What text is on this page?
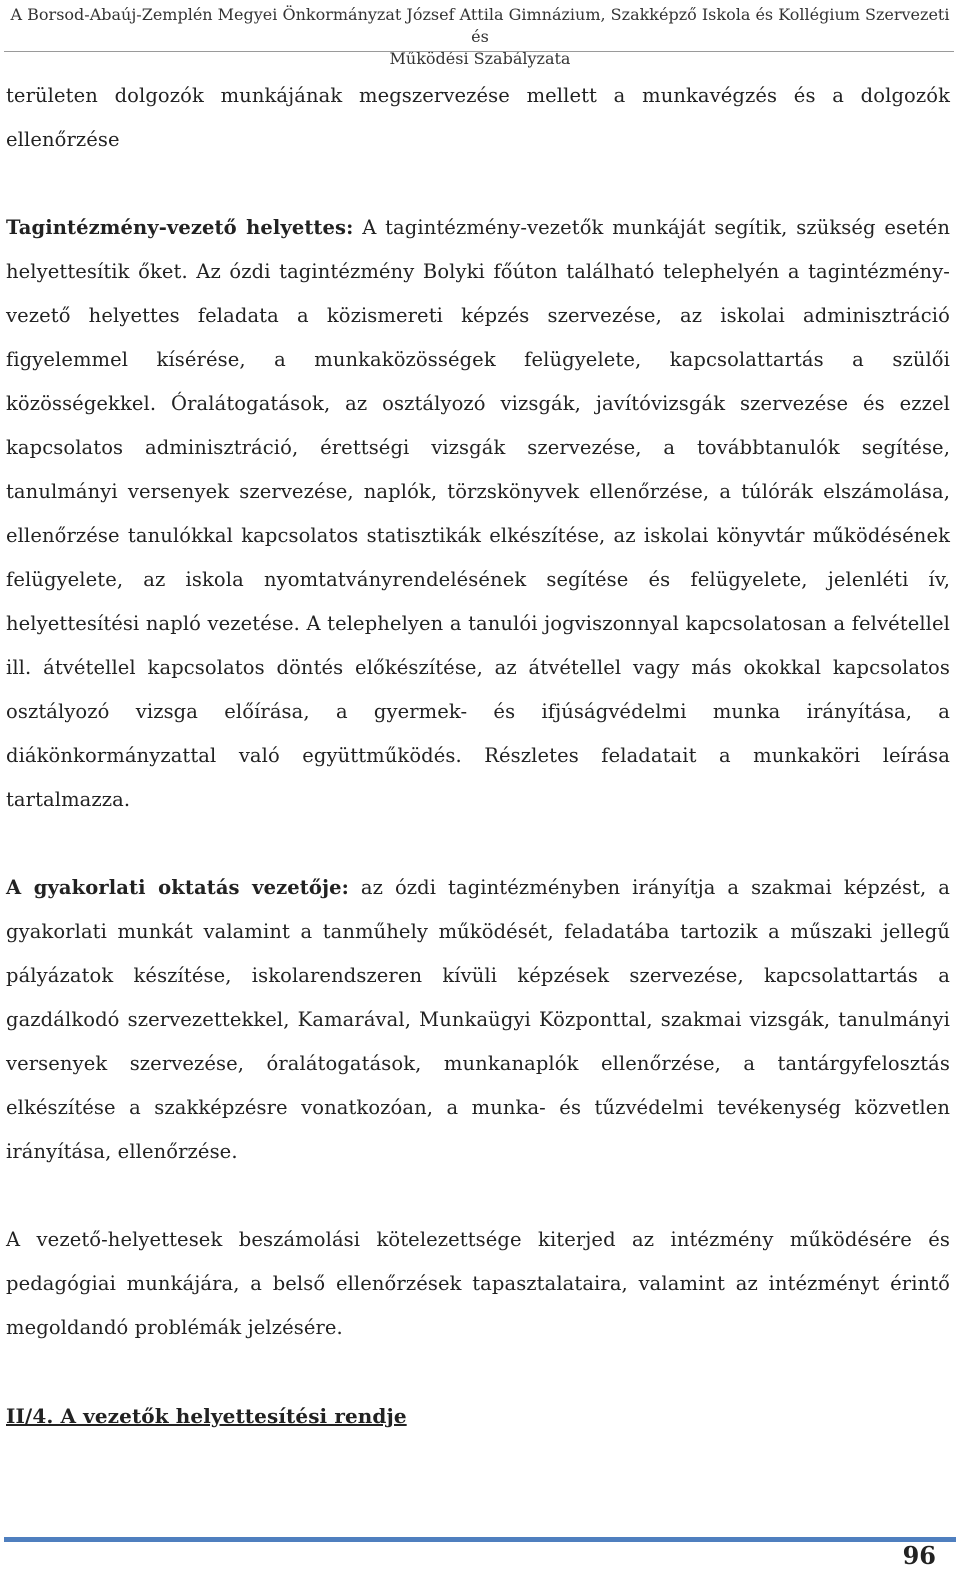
A Borsod-Abaúj-Zemplén Megyei Önkormányzat József Attila Gimnázium, Szakképző Iskola és Kollégium Szervezeti és
Működési Szabályzata

területen dolgozók munkájának megszervezése mellett a munkavégzés és a dolgozók ellenőrzése

Tagintézmény-vezető helyettes: A tagintézmény-vezetők munkáját segítik, szükség esetén helyettesítik őket. Az ózdi tagintézmény Bolyki főúton található telephelyén a tagintézmény-vezető helyettes feladata a közismereti képzés szervezése, az iskolai adminisztráció figyelemmel kísérése, a munkaközösségek felügyelete, kapcsolattartás a szülői közösségekkel. Óralátogatások, az osztályozó vizsgák, javítóvizsgák szervezése és ezzel kapcsolatos adminisztráció, érettségi vizsgák szervezése, a továbbtanulók segítése, tanulmányi versenyek szervezése, naplók, törzskönyvek ellenőrzése, a túlórák elszámolása, ellenőrzése tanulókkal kapcsolatos statisztikák elkészítése, az iskolai könyvtár működésének felügyelete, az iskola nyomtatványrendelésének segítése és felügyelete, jelenléti ív, helyettesítési napló vezetése. A telephelyen a tanulói jogviszonnyal kapcsolatosan a felvétellel ill. átvétellel kapcsolatos döntés előkészítése, az átvétellel vagy más okokkal kapcsolatos osztályozó vizsga előírása, a gyermek- és ifjúságvédelmi munka irányítása, a diákönkormányzattal való együttműködés. Részletes feladatait a munkaköri leírása tartalmazza.

A gyakorlati oktatás vezetője: az ózdi tagintézményben irányítja a szakmai képzést, a gyakorlati munkát valamint a tanműhely működését, feladatába tartozik a műszaki jellegű pályázatok készítése, iskolarendszeren kívüli képzések szervezése, kapcsolattartás a gazdálkodó szervezettekkel, Kamarával, Munkaügyi Központtal, szakmai vizsgák, tanulmányi versenyek szervezése, óralátogatások, munkanaplók ellenőrzése, a tantárgyfelosztás elkészítése a szakképzésre vonatkozóan, a munka- és tűzvédelmi tevékenység közvetlen irányítása, ellenőrzése.

A vezető-helyettesek beszámolási kötelezettsége kiterjed az intézmény működésére és pedagógiai munkájára, a belső ellenőrzések tapasztalataira, valamint az intézményt érintő megoldandó problémák jelzésére.

II/4. A vezetők helyettesítési rendje

96
